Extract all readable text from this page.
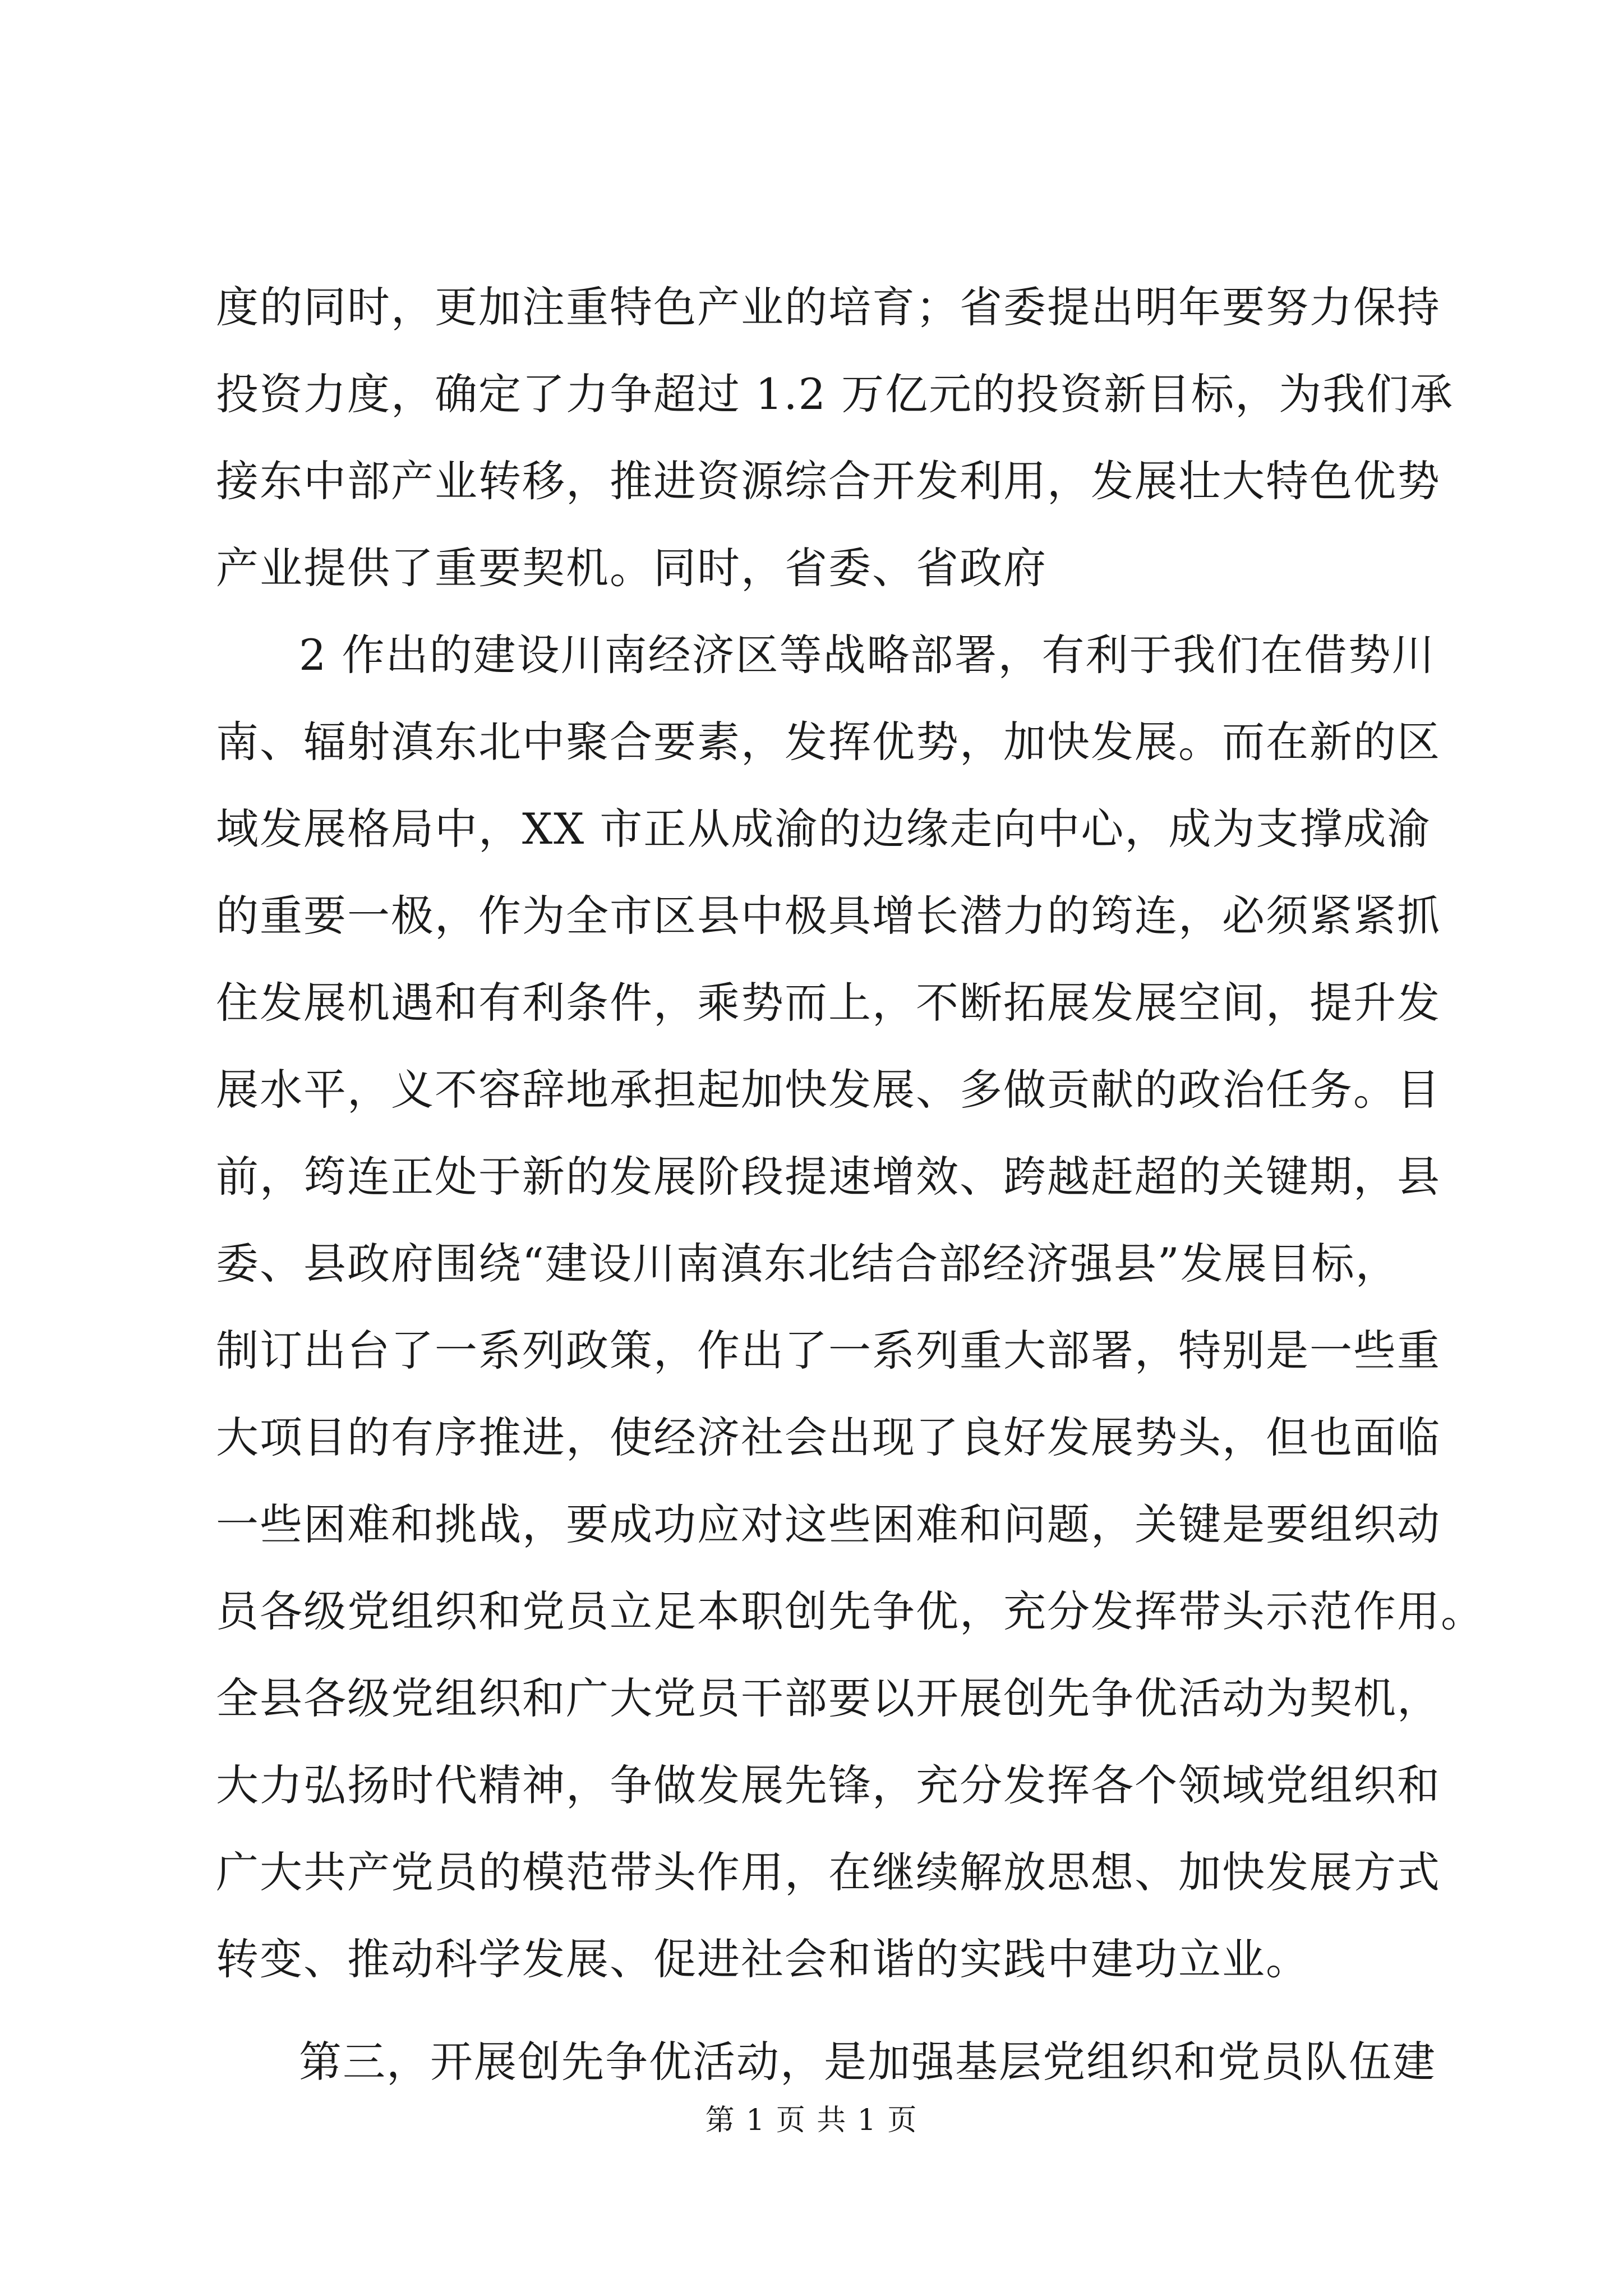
度的同时，更加注重特色产业的培育；省委提出明年要努力保持
投资力度，确定了力争超过 1.2 万亿元的投资新目标，为我们承
接东中部产业转移，推进资源综合开发利用，发展壮大特色优势
产业提供了重要契机。同时，省委、省政府
2 作出的建设川南经济区等战略部署，有利于我们在借势川
南、辐射滇东北中聚合要素，发挥优势，加快发展。而在新的区
域发展格局中，XX 市正从成渝的边缘走向中心，成为支撑成渝
的重要一极，作为全市区县中极具增长潜力的筠连，必须紧紧抓
住发展机遇和有利条件，乘势而上，不断拓展发展空间，提升发
展水平，义不容辞地承担起加快发展、多做贡献的政治任务。目
前，筠连正处于新的发展阶段提速增效、跨越赶超的关键期，县
委、县政府围绕“建设川南滇东北结合部经济强县”发展目标，
制订出台了一系列政策，作出了一系列重大部署，特别是一些重
大项目的有序推进，使经济社会出现了良好发展势头，但也面临
一些困难和挑战，要成功应对这些困难和问题，关键是要组织动
员各级党组织和党员立足本职创先争优，充分发挥带头示范作用。
全县各级党组织和广大党员干部要以开展创先争优活动为契机，
大力弘扬时代精神，争做发展先锋，充分发挥各个领域党组织和
广大共产党员的模范带头作用，在继续解放思想、加快发展方式
转变、推动科学发展、促进社会和谐的实践中建功立业。
第三，开展创先争优活动，是加强基层党组织和党员队伍建
第 1 页 共 1 页
